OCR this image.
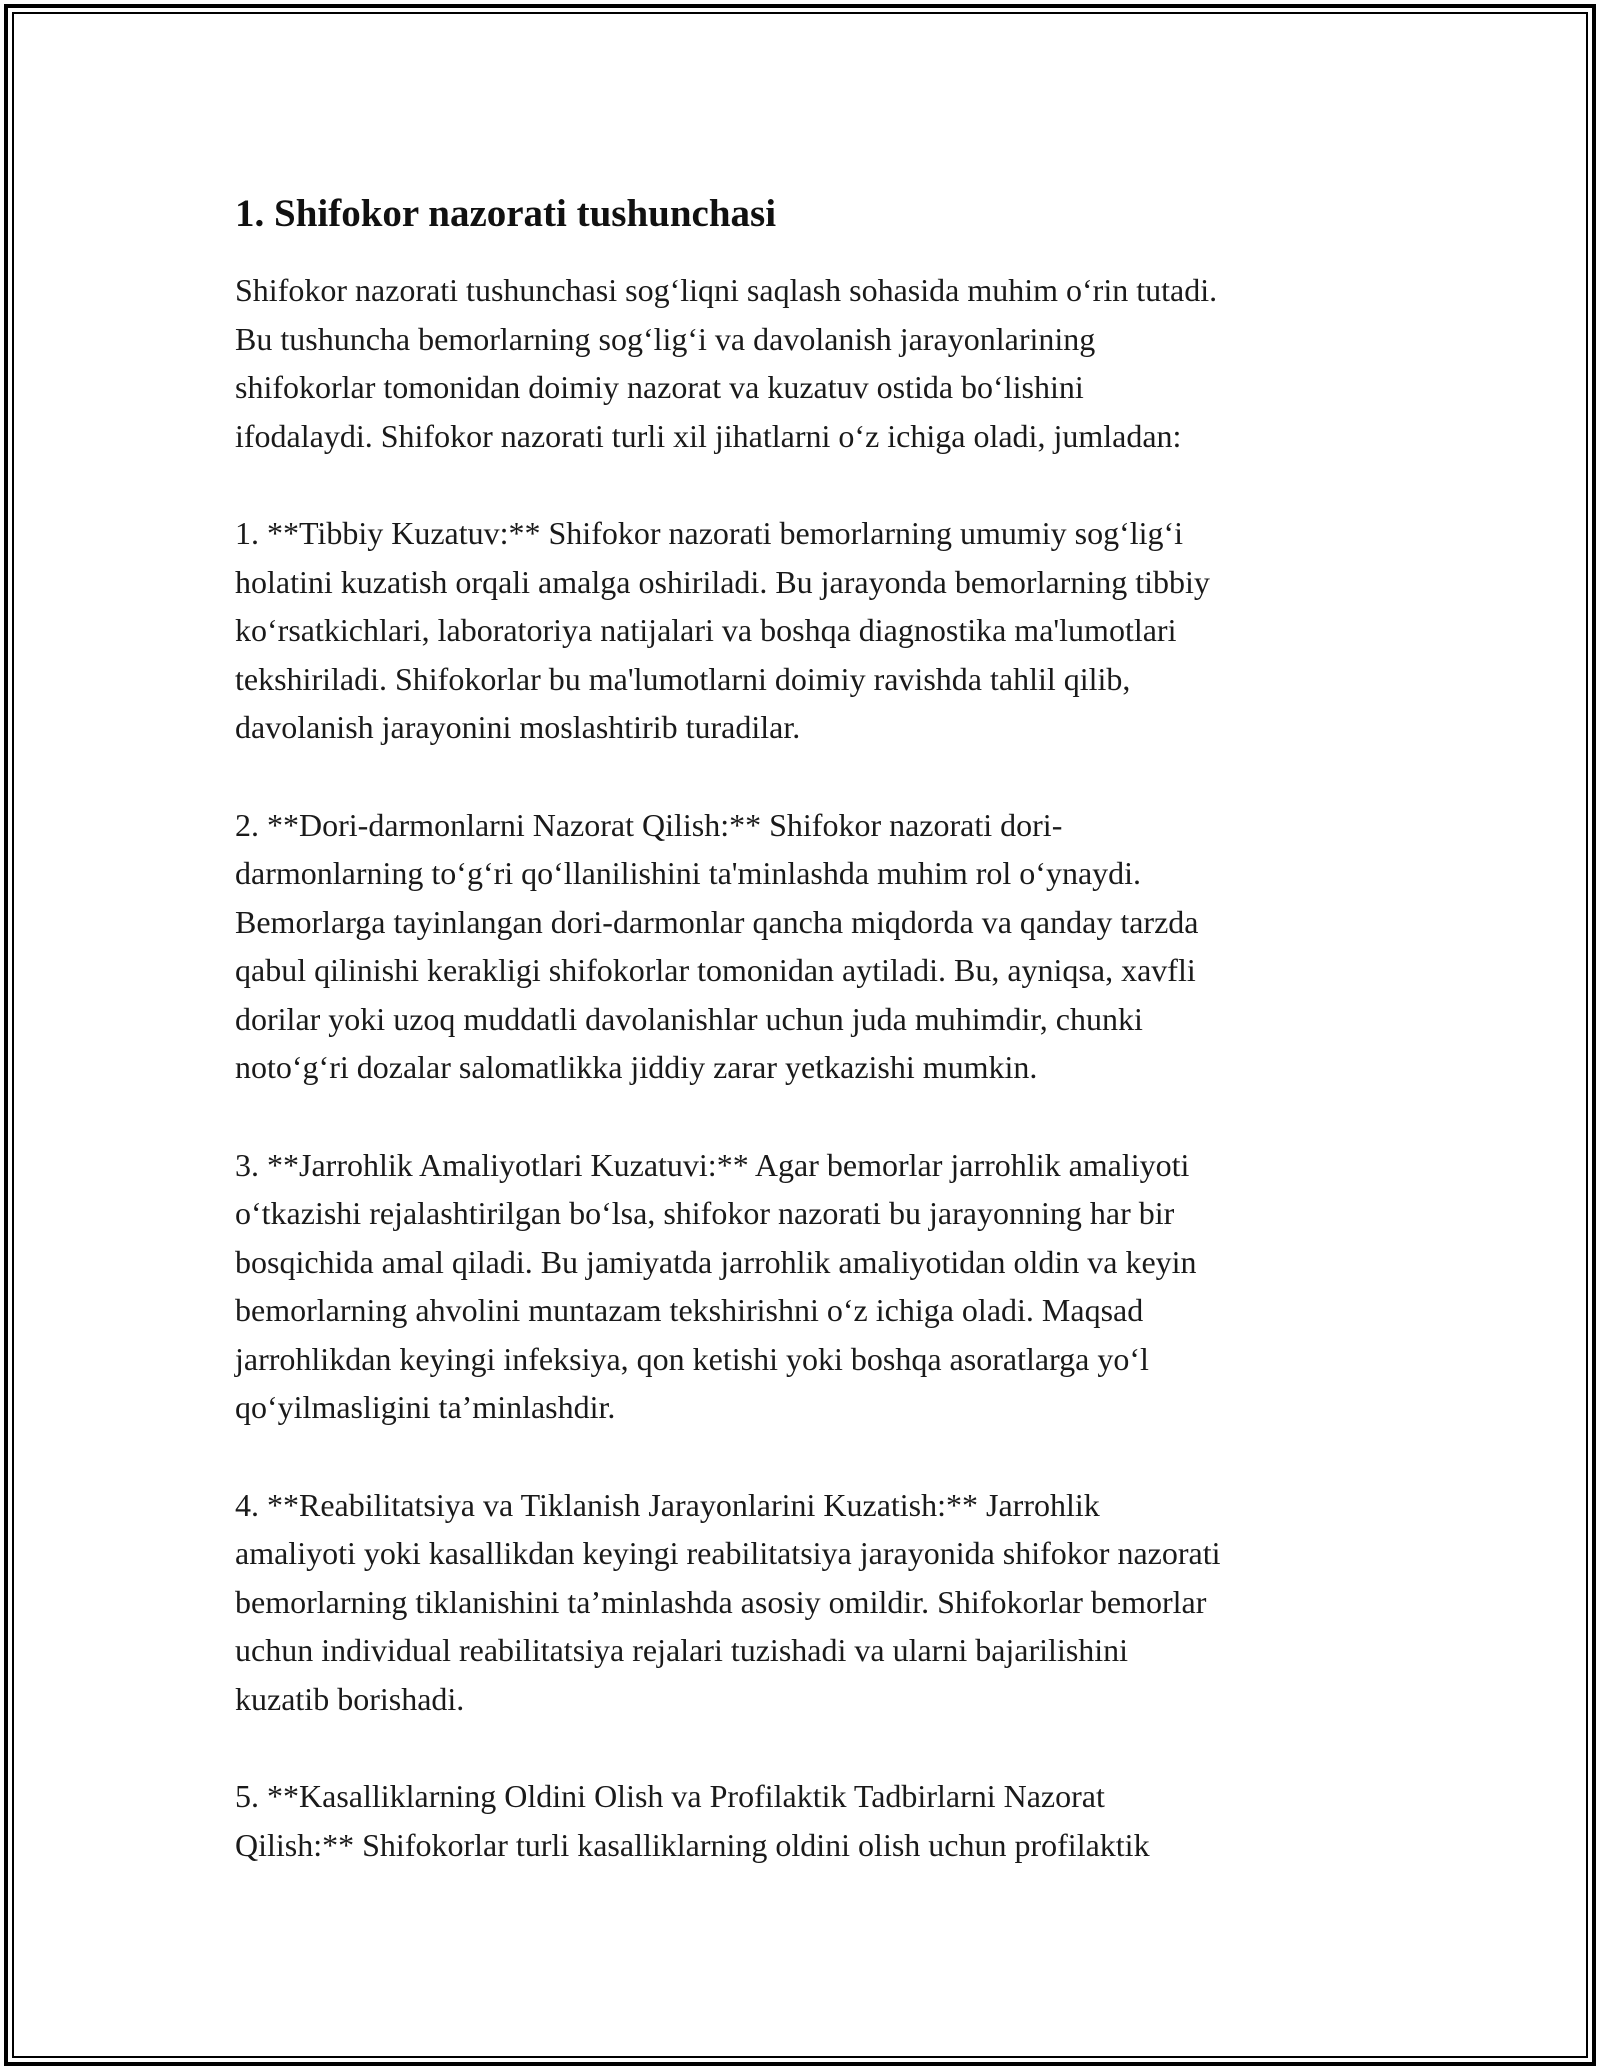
1. Shifokor nazorati tushunchasi

Shifokor nazorati tushunchasi sog‘liqni saqlash sohasida muhim o‘rin tutadi.
Bu tushuncha bemorlarning sog‘lig‘i va davolanish jarayonlarining
shifokorlar tomonidan doimiy nazorat va kuzatuv ostida bo‘lishini
ifodalaydi. Shifokor nazorati turli xil jihatlarni o‘z ichiga oladi, jumladan:

1. **Tibbiy Kuzatuv:** Shifokor nazorati bemorlarning umumiy sog‘lig‘i
holatini kuzatish orqali amalga oshiriladi. Bu jarayonda bemorlarning tibbiy
ko‘rsatkichlari, laboratoriya natijalari va boshqa diagnostika ma'lumotlari
tekshiriladi. Shifokorlar bu ma'lumotlarni doimiy ravishda tahlil qilib,
davolanish jarayonini moslashtirib turadilar.

2. **Dori-darmonlarni Nazorat Qilish:** Shifokor nazorati dori-
darmonlarning to‘g‘ri qo‘llanilishini ta'minlashda muhim rol o‘ynaydi.
Bemorlarga tayinlangan dori-darmonlar qancha miqdorda va qanday tarzda
qabul qilinishi kerakligi shifokorlar tomonidan aytiladi. Bu, ayniqsa, xavfli
dorilar yoki uzoq muddatli davolanishlar uchun juda muhimdir, chunki
noto‘g‘ri dozalar salomatlikka jiddiy zarar yetkazishi mumkin.

3. **Jarrohlik Amaliyotlari Kuzatuvi:** Agar bemorlar jarrohlik amaliyoti
o‘tkazishi rejalashtirilgan bo‘lsa, shifokor nazorati bu jarayonning har bir
bosqichida amal qiladi. Bu jamiyatda jarrohlik amaliyotidan oldin va keyin
bemorlarning ahvolini muntazam tekshirishni o‘z ichiga oladi. Maqsad
jarrohlikdan keyingi infeksiya, qon ketishi yoki boshqa asoratlarga yo‘l
qo‘yilmasligini ta’minlashdir.

4. **Reabilitatsiya va Tiklanish Jarayonlarini Kuzatish:** Jarrohlik
amaliyoti yoki kasallikdan keyingi reabilitatsiya jarayonida shifokor nazorati
bemorlarning tiklanishini ta’minlashda asosiy omildir. Shifokorlar bemorlar
uchun individual reabilitatsiya rejalari tuzishadi va ularni bajarilishini
kuzatib borishadi.

5. **Kasalliklarning Oldini Olish va Profilaktik Tadbirlarni Nazorat
Qilish:** Shifokorlar turli kasalliklarning oldini olish uchun profilaktik
